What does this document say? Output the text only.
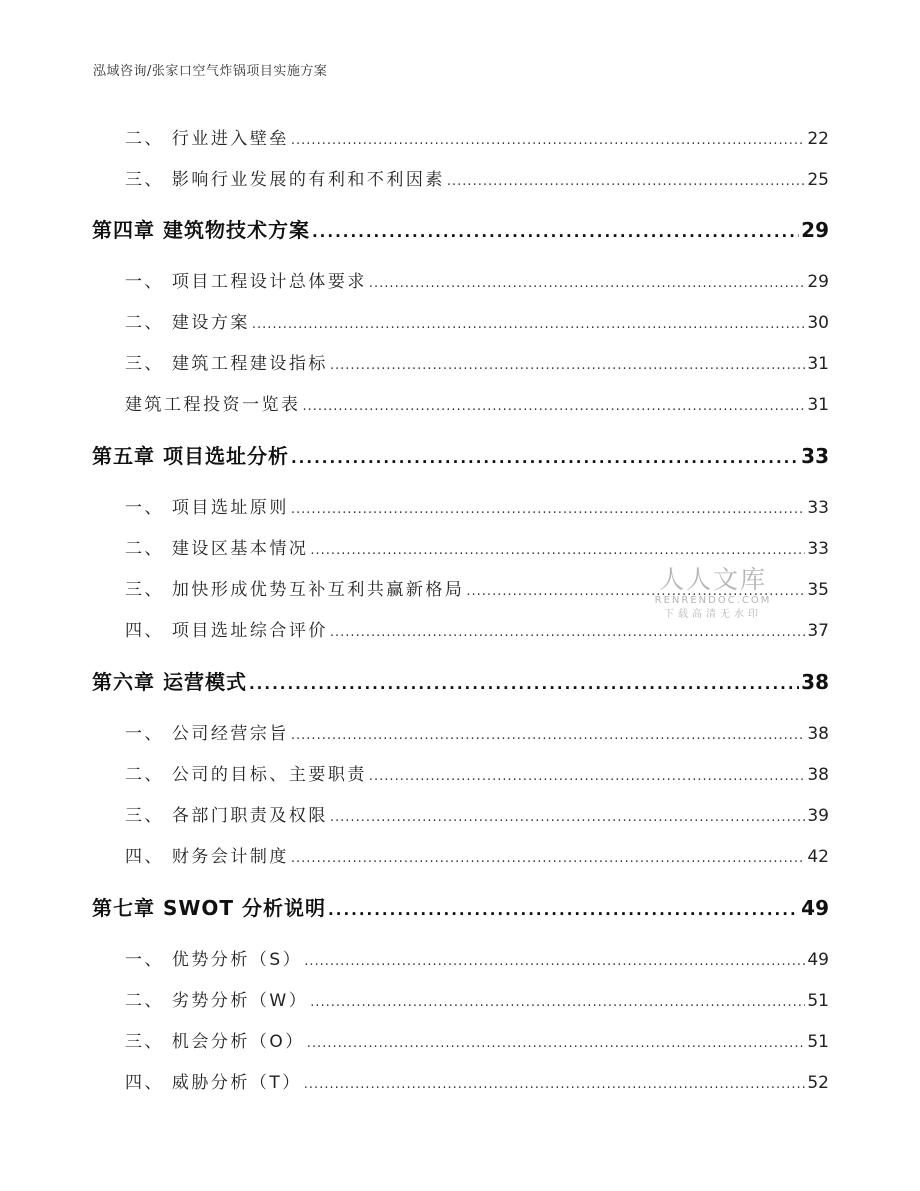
泓域咨询/张家口空气炸锅项目实施方案
二、 行业进入壁垒 .....	22
三、 影响行业发展的有利和不利因素 .....	25
第四章 建筑物技术方案 .....	29
一、 项目工程设计总体要求 .....	29
二、 建设方案 .....	30
三、 建筑工程建设指标 .....	31
建筑工程投资一览表 .....	31
第五章 项目选址分析 .....	33
一、 项目选址原则 .....	33
二、 建设区基本情况 .....	33
三、 加快形成优势互补互利共赢新格局 .....	35
四、 项目选址综合评价 .....	37
第六章 运营模式 .....	38
一、 公司经营宗旨 .....	38
二、 公司的目标、主要职责 .....	38
三、 各部门职责及权限 .....	39
四、 财务会计制度 .....	42
第七章 SWOT 分析说明 .....	49
一、 优势分析（S） .....	49
二、 劣势分析（W） .....	51
三、 机会分析（O） .....	51
四、 威胁分析（T） .....	52
人人文库
RENRENDOC.COM
下载高清无水印
